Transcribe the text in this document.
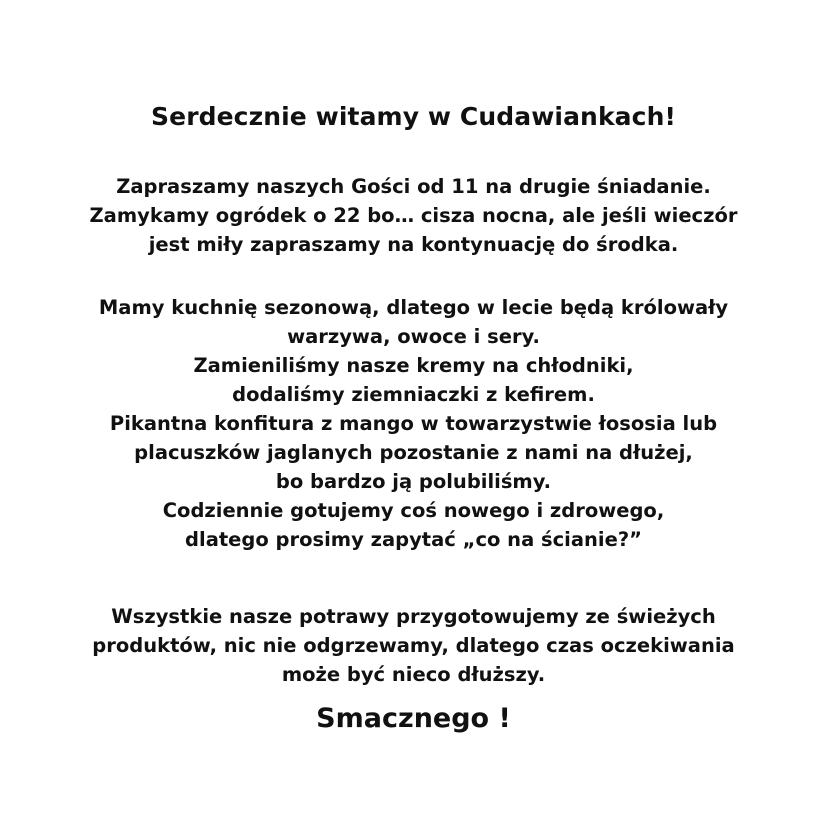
Serdecznie witamy w Cudawiankach!
Zapraszamy naszych Gości od 11 na drugie śniadanie.
Zamykamy ogródek o 22 bo… cisza nocna, ale jeśli wieczór
jest miły zapraszamy na kontynuację do środka.
Mamy kuchnię sezonową, dlatego w lecie będą królowały
warzywa, owoce i sery.
Zamieniliśmy nasze kremy na chłodniki,
dodaliśmy ziemniaczki z kefirem.
Pikantna konfitura z mango w towarzystwie łososia lub
placuszków jaglanych pozostanie z nami na dłużej,
bo bardzo ją polubiliśmy.
Codziennie gotujemy coś nowego i zdrowego,
dlatego prosimy zapytać „co na ścianie?”
Wszystkie nasze potrawy przygotowujemy ze świeżych
produktów, nic nie odgrzewamy, dlatego czas oczekiwania
może być nieco dłuższy.
Smacznego !
